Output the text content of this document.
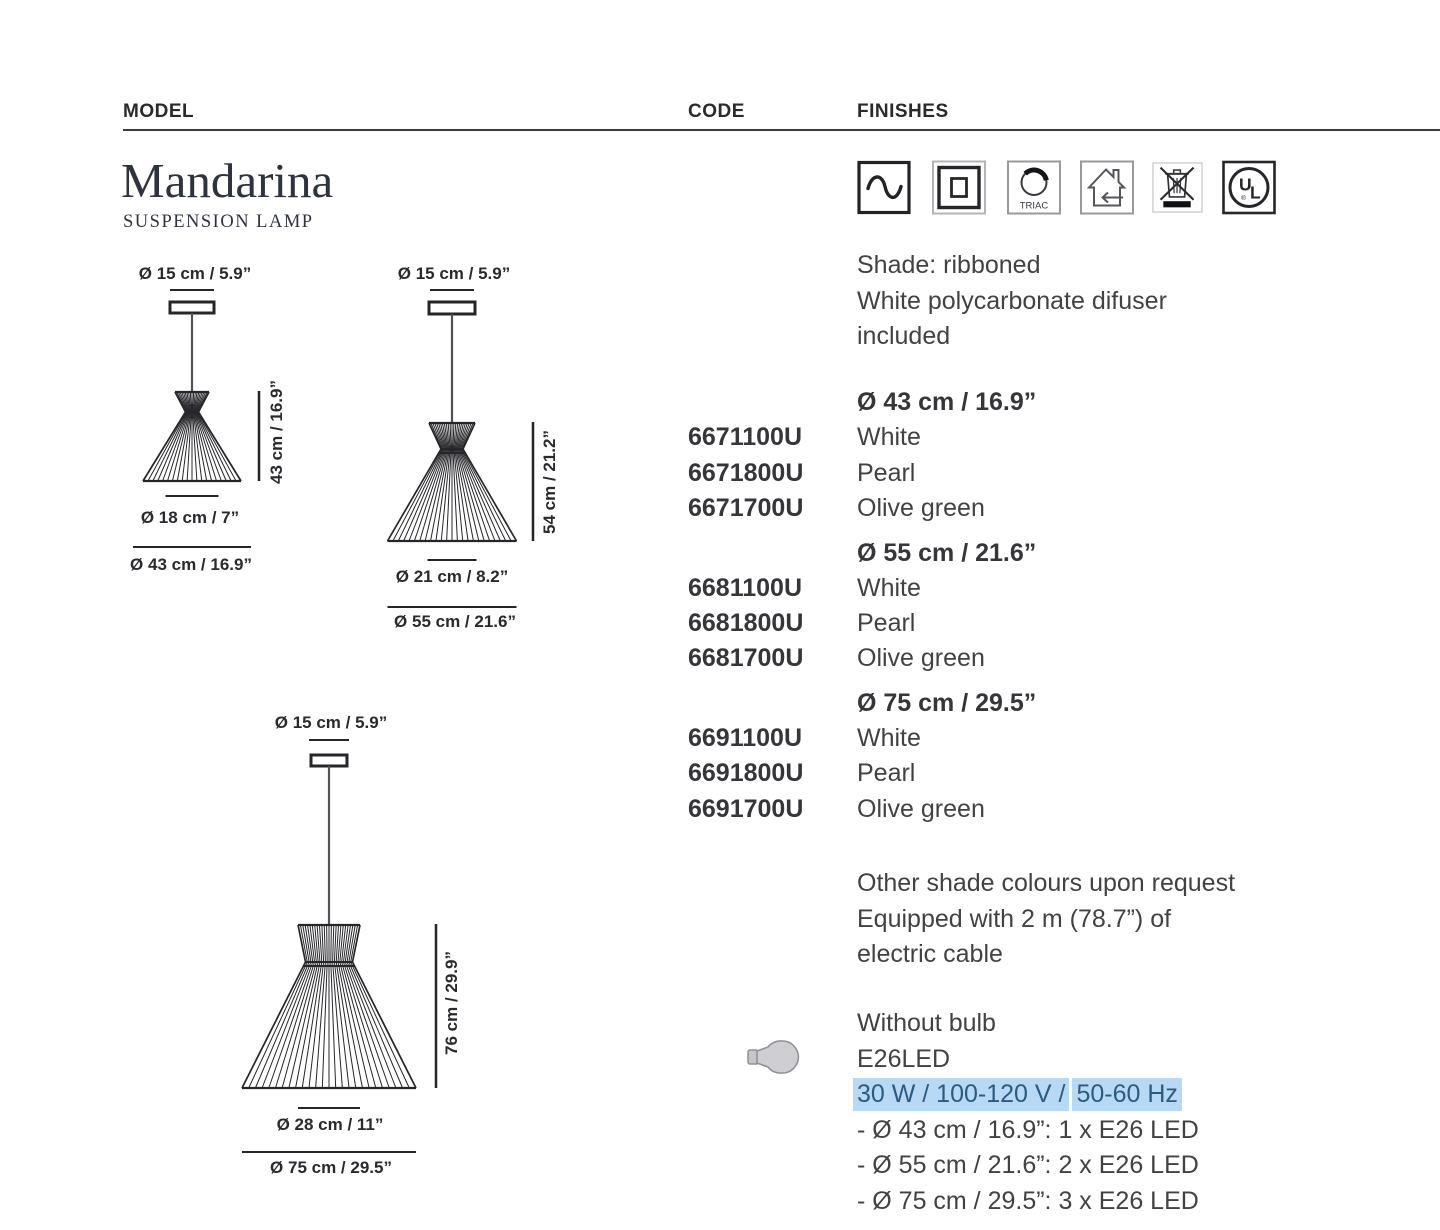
MODEL	CODE	FINISHES
Mandarina
SUSPENSION LAMP
TRIAC
U
L
®
Ø 15 cm / 5.9”
43 cm / 16.9”
Ø 18 cm / 7”
Ø 43 cm / 16.9”
Ø 15 cm / 5.9”
54 cm / 21.2”
Ø 21 cm / 8.2”
Ø 55 cm / 21.6”
Ø 15 cm / 5.9”
76 cm / 29.9”
Ø 28 cm / 11”
Ø 75 cm / 29.5”
Shade: ribboned
White polycarbonate difuser
included
Ø 43 cm / 16.9”
6671100U White
6671800U Pearl
6671700U Olive green
Ø 55 cm / 21.6”
6681100U White
6681800U Pearl
6681700U Olive green
Ø 75 cm / 29.5”
6691100U White
6691800U Pearl
6691700U Olive green
Other shade colours upon request
Equipped with 2 m (78.7”) of
electric cable
Without bulb
E26LED
30 W / 100-120 V / 50-60 Hz
- Ø 43 cm / 16.9”: 1 x E26 LED
- Ø 55 cm / 21.6”: 2 x E26 LED
- Ø 75 cm / 29.5”: 3 x E26 LED
